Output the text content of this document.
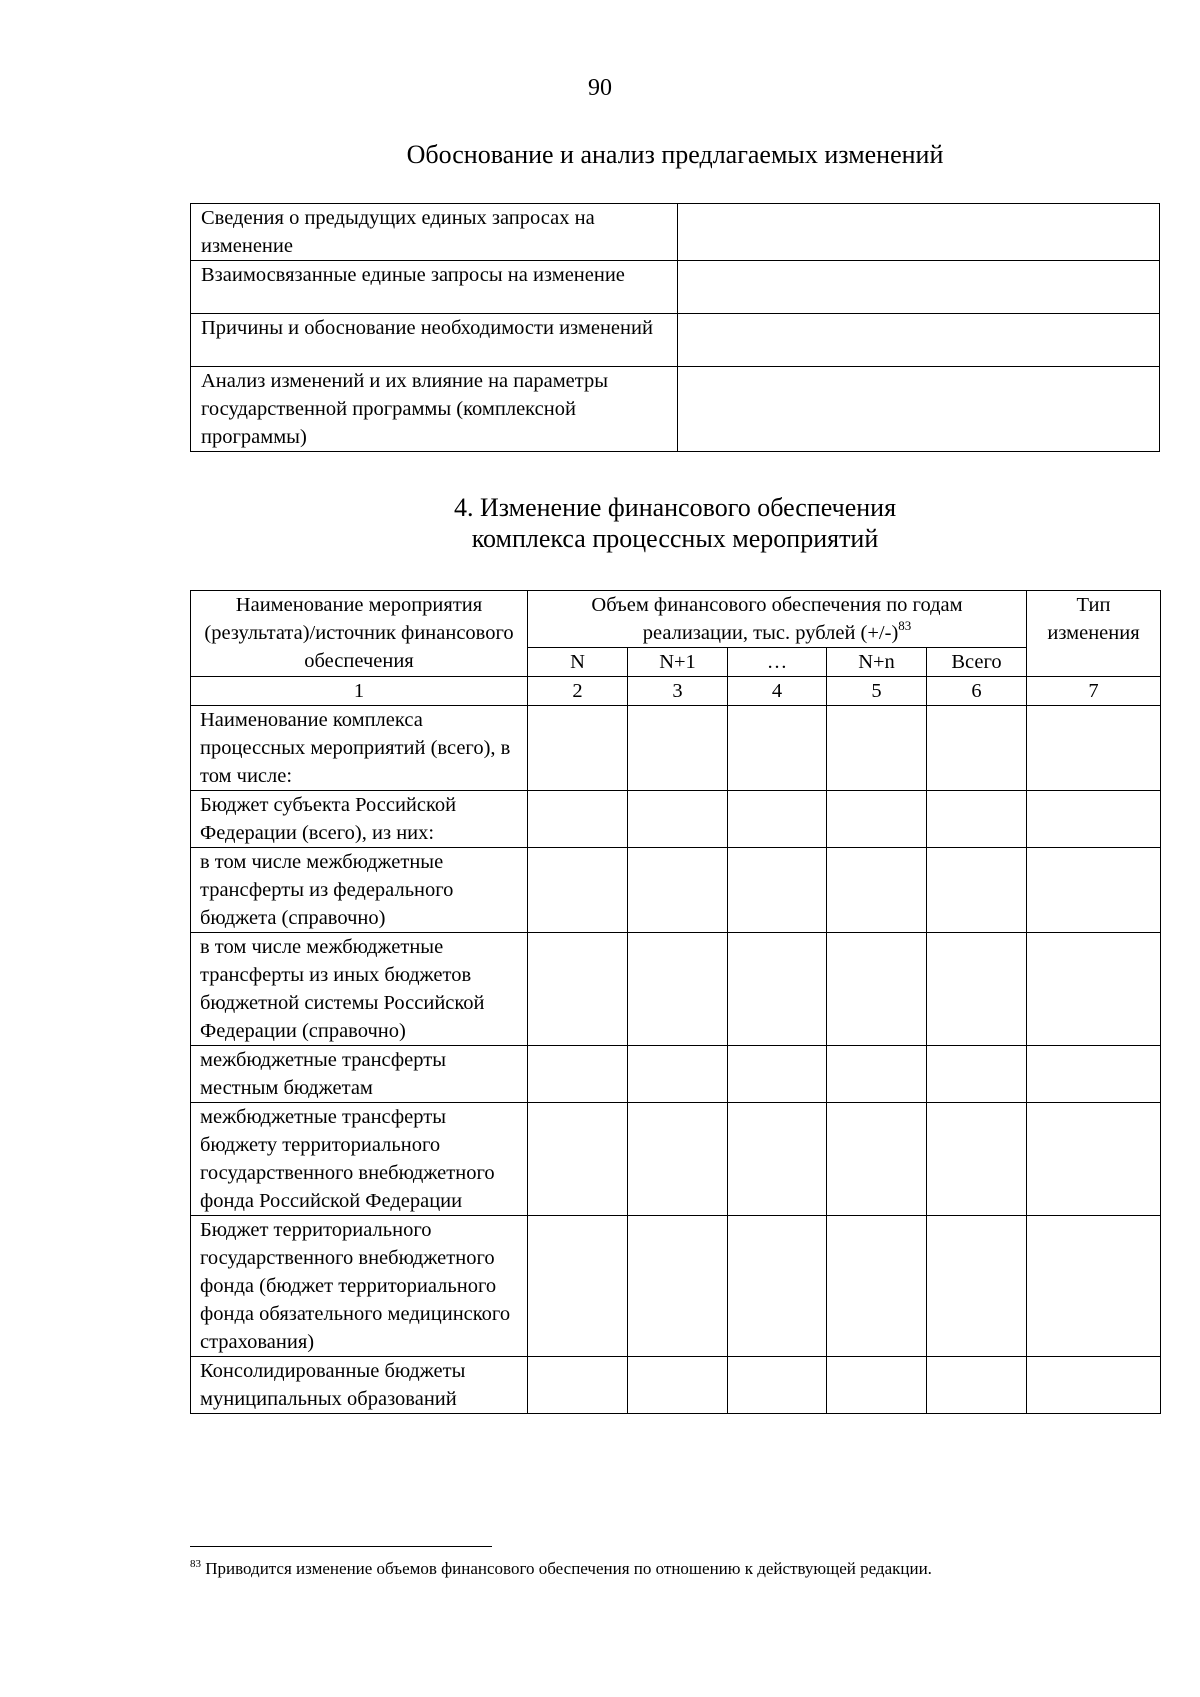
90
Обоснование и анализ предлагаемых изменений
Сведения о предыдущих единых запросах на изменение	
Взаимосвязанные единые запросы на изменение	
Причины и обоснование необходимости изменений	
Анализ изменений и их влияние на параметры государственной программы (комплексной программы)	
4. Изменение финансового обеспечения
комплекса процессных мероприятий
Наименование мероприятия (результата)/источник финансового обеспечения	Объем финансового обеспечения по годам реализации, тыс. рублей $(+/-)^{83}$					Тип изменения
	N	N+1	…	N+n	Всего	
1	2	3	4	5	6	7
Наименование комплекса процессных мероприятий (всего), в том числе:						
Бюджет субъекта Российской Федерации (всего), из них:						
в том числе межбюджетные трансферты из федерального бюджета (справочно)						
в том числе межбюджетные трансферты из иных бюджетов бюджетной системы Российской Федерации (справочно)						
межбюджетные трансферты местным бюджетам						
межбюджетные трансферты бюджету территориального государственного внебюджетного фонда Российской Федерации						
Бюджет территориального государственного внебюджетного фонда (бюджет территориального фонда обязательного медицинского страхования)						
Консолидированные бюджеты муниципальных образований						
$^{83}$ Приводится изменение объемов финансового обеспечения по отношению к действующей редакции.
